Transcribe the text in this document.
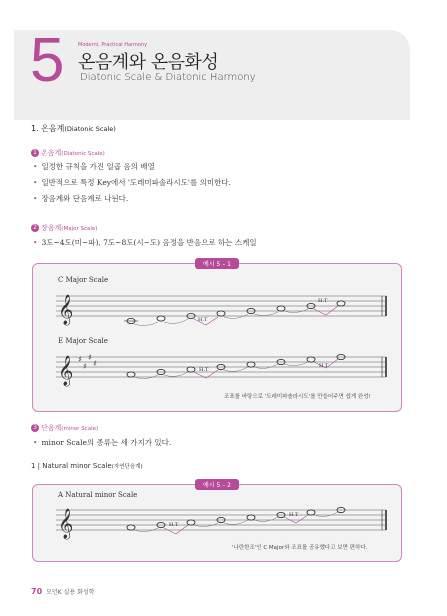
5	Modernl, Practical Harmony
온음계와 온음화성
Diatonic Scale & Diatonic Harmony
1. 온음계(Diatonic Scale)
1 온음계(Diatonic Scale)
• 일정한 규칙을 가진 일곱 음의 배열
• 일반적으로 특정 Key에서 '도레미파솔라시도'를 의미한다.
• 장음계와 단음계로 나뉜다.
2 장음계(Major Scale)
• 3도~4도(미~파), 7도~8도(시~도) 음정을 반음으로 하는 스케일
예시 5 – 1
C Major Scale
𝄞	H.T
H.T
E Major Scale
𝄞 ♯
♯
♯
♯
H.T
H.T
조표를 바탕으로 '도레미파솔라시도'를 만들어주면 쉽게 완성!
3 단음계(minor Scale)
• minor Scale의 종류는 세 가지가 있다.
1 | Natural minor Scale(자연단음계)
예시 5 – 2
A Natural minor Scale
𝄞	H.T
H.T
'나란한조'인 C Major와 조표를 공유했다고 보면 편하다.
70 모던K 실용 화성학
